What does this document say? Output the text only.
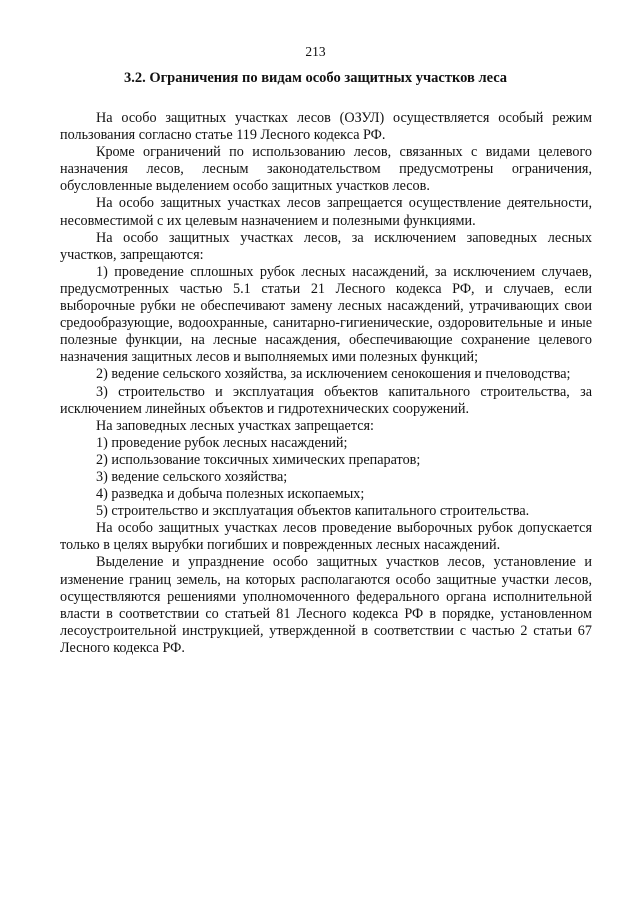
213
3.2. Ограничения по видам особо защитных участков леса

На особо защитных участках лесов (ОЗУЛ) осуществляется особый режим пользования согласно статье 119 Лесного кодекса РФ.

Кроме ограничений по использованию лесов, связанных с видами целевого назначения лесов, лесным законодательством предусмотрены ограничения, обусловленные выделением особо защитных участков лесов.

На особо защитных участках лесов запрещается осуществление деятельности, несовместимой с их целевым назначением и полезными функциями.

На особо защитных участках лесов, за исключением заповедных лесных участков, запрещаются:

1) проведение сплошных рубок лесных насаждений, за исключением случаев, предусмотренных частью 5.1 статьи 21 Лесного кодекса РФ, и случаев, если выборочные рубки не обеспечивают замену лесных насаждений, утрачивающих свои средообразующие, водоохранные, санитарно-гигиенические, оздоровительные и иные полезные функции, на лесные насаждения, обеспечивающие сохранение целевого назначения защитных лесов и выполняемых ими полезных функций;

2) ведение сельского хозяйства, за исключением сенокошения и пчеловодства;

3) строительство и эксплуатация объектов капитального строительства, за исключением линейных объектов и гидротехнических сооружений.

На заповедных лесных участках запрещается:

1) проведение рубок лесных насаждений;

2) использование токсичных химических препаратов;

3) ведение сельского хозяйства;

4) разведка и добыча полезных ископаемых;

5) строительство и эксплуатация объектов капитального строительства.

На особо защитных участках лесов проведение выборочных рубок допускается только в целях вырубки погибших и поврежденных лесных насаждений.

Выделение и упразднение особо защитных участков лесов, установление и изменение границ земель, на которых располагаются особо защитные участки лесов, осуществляются решениями уполномоченного федерального органа исполнительной власти в соответствии со статьей 81 Лесного кодекса РФ в порядке, установленном лесоустроительной инструкцией, утвержденной в соответствии с частью 2 статьи 67 Лесного кодекса РФ.
